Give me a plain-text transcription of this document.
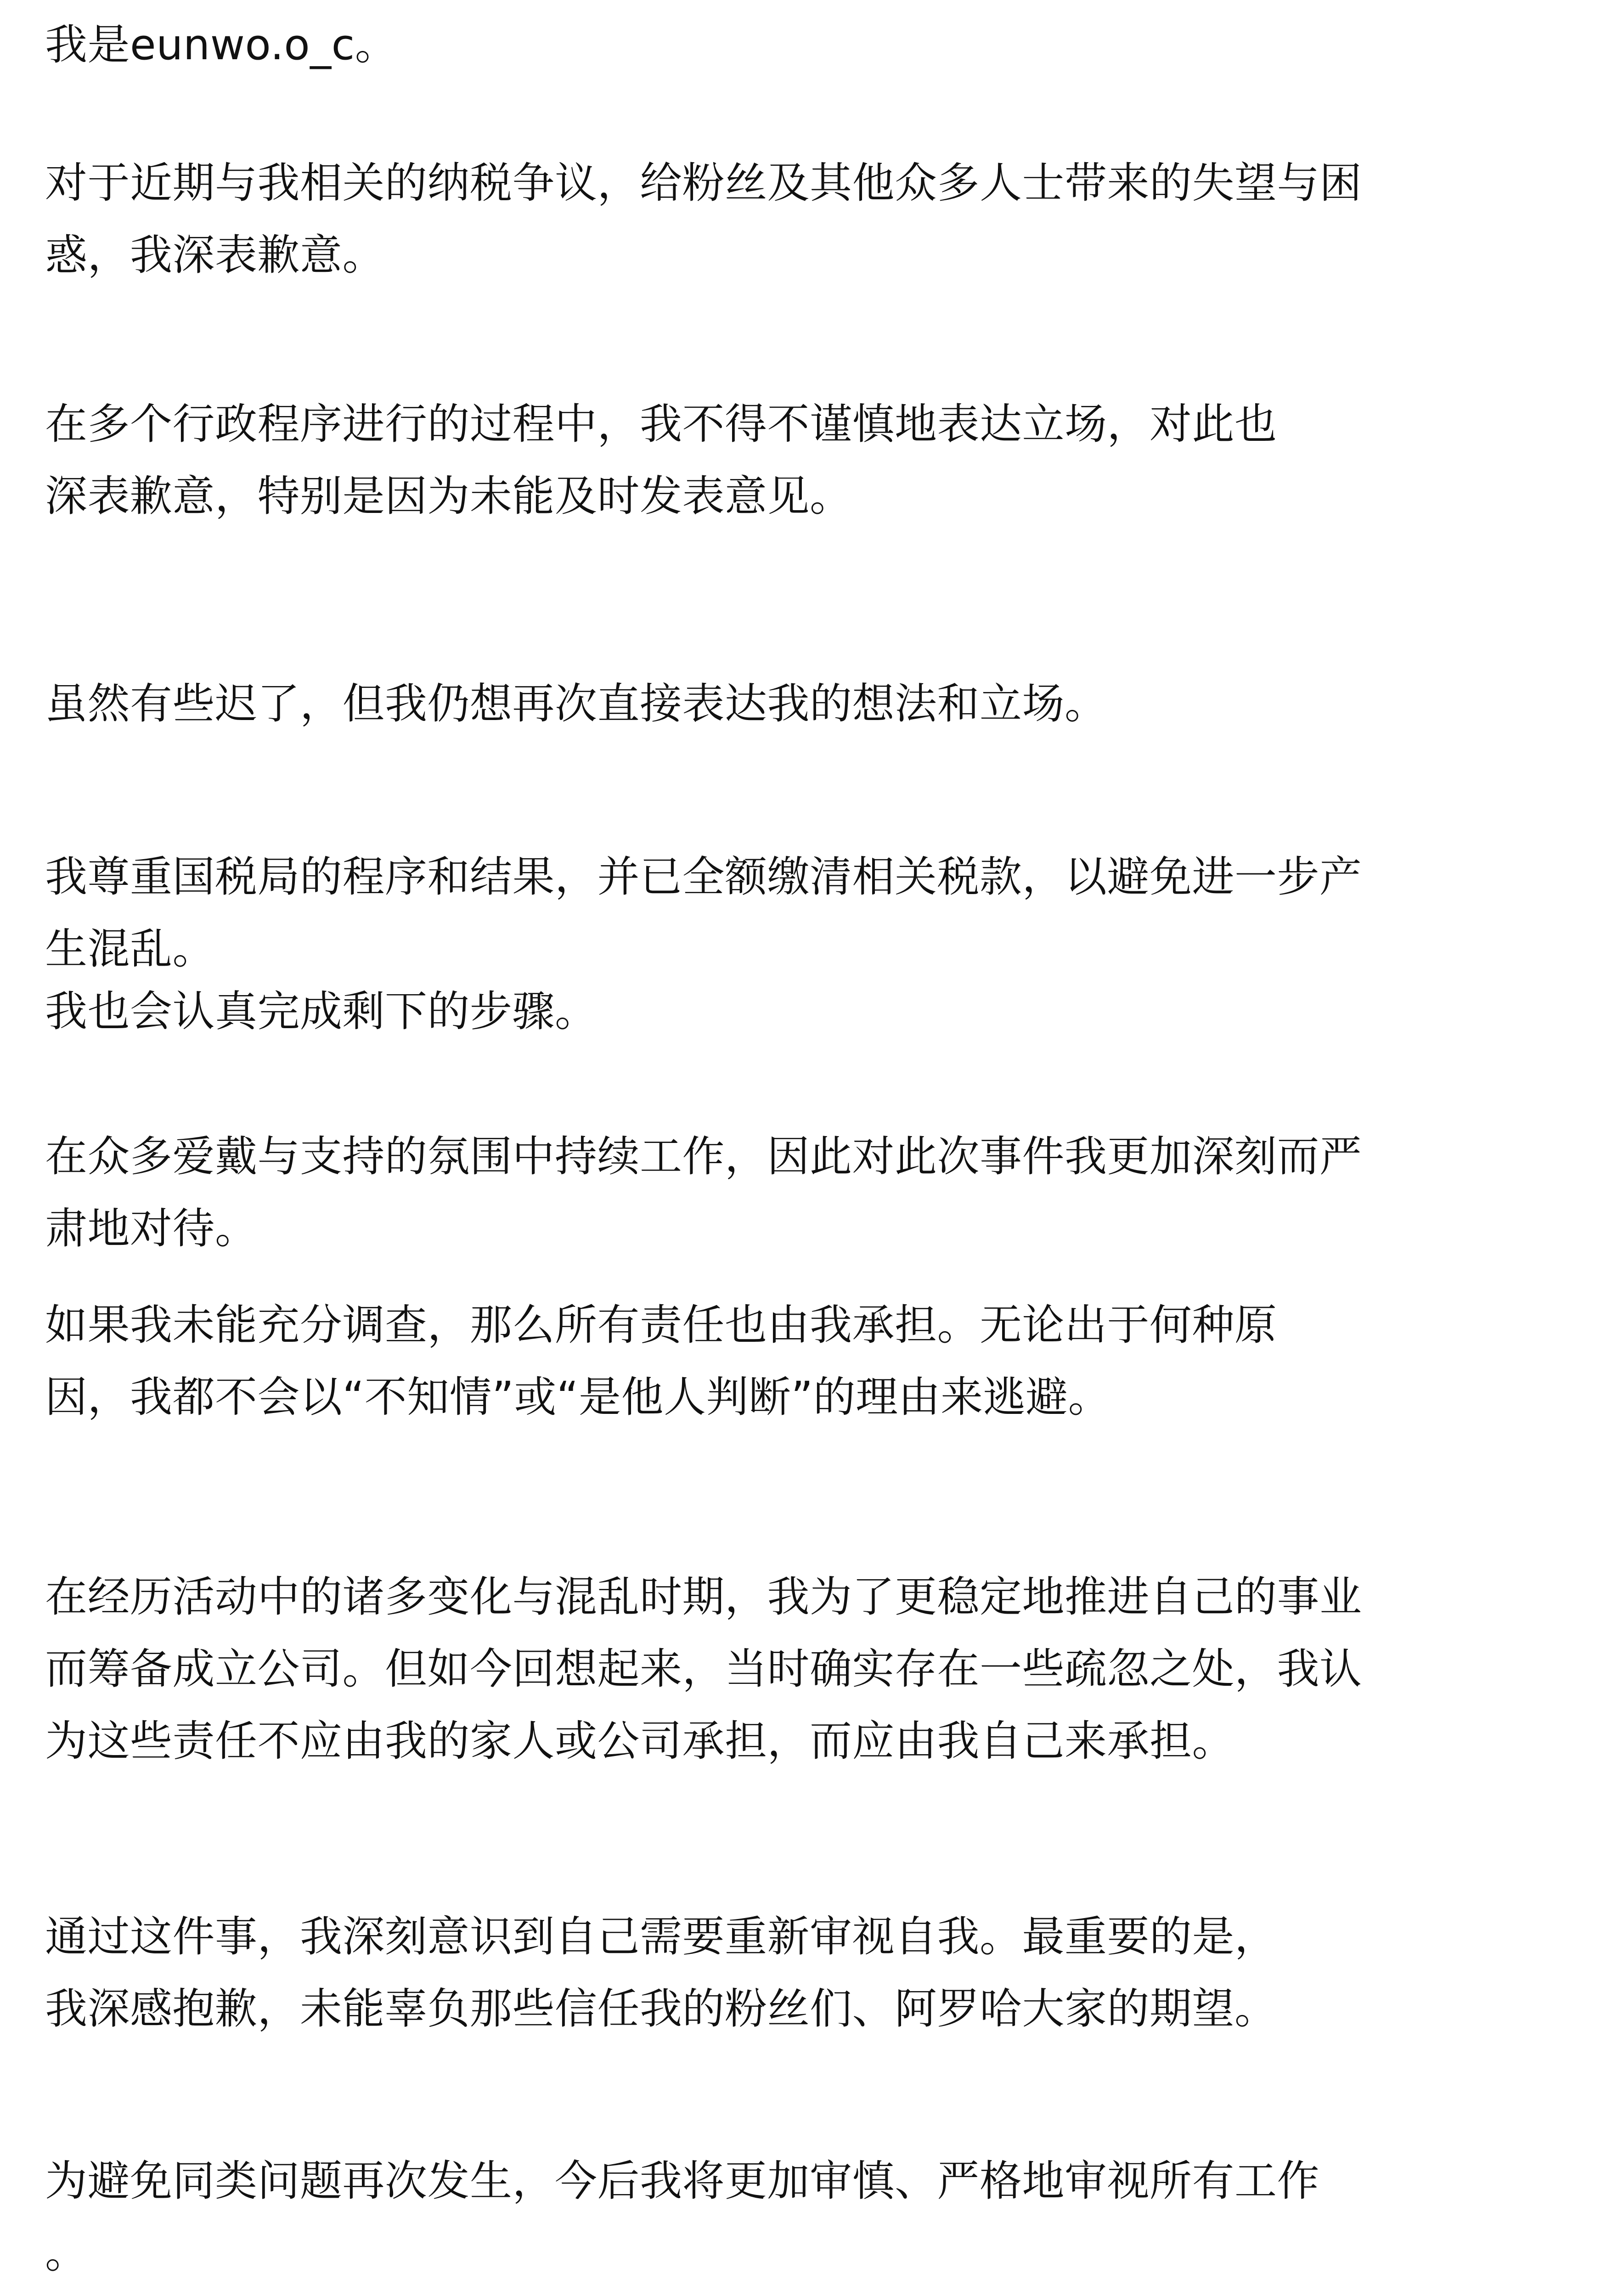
我是eunwo.o_c。

对于近期与我相关的纳税争议，给粉丝及其他众多人士带来的失望与困
惑，我深表歉意。

在多个行政程序进行的过程中，我不得不谨慎地表达立场，对此也
深表歉意，特别是因为未能及时发表意见。

虽然有些迟了，但我仍想再次直接表达我的想法和立场。

我尊重国税局的程序和结果，并已全额缴清相关税款，以避免进一步产
生混乱。
我也会认真完成剩下的步骤。

在众多爱戴与支持的氛围中持续工作，因此对此次事件我更加深刻而严
肃地对待。

如果我未能充分调查，那么所有责任也由我承担。无论出于何种原
因，我都不会以“不知情”或“是他人判断”的理由来逃避。

在经历活动中的诸多变化与混乱时期，我为了更稳定地推进自己的事业
而筹备成立公司。但如今回想起来，当时确实存在一些疏忽之处，我认
为这些责任不应由我的家人或公司承担，而应由我自己来承担。

通过这件事，我深刻意识到自己需要重新审视自我。最重要的是，
我深感抱歉，未能辜负那些信任我的粉丝们、阿罗哈大家的期望。

为避免同类问题再次发生，今后我将更加审慎、严格地审视所有工作
。
